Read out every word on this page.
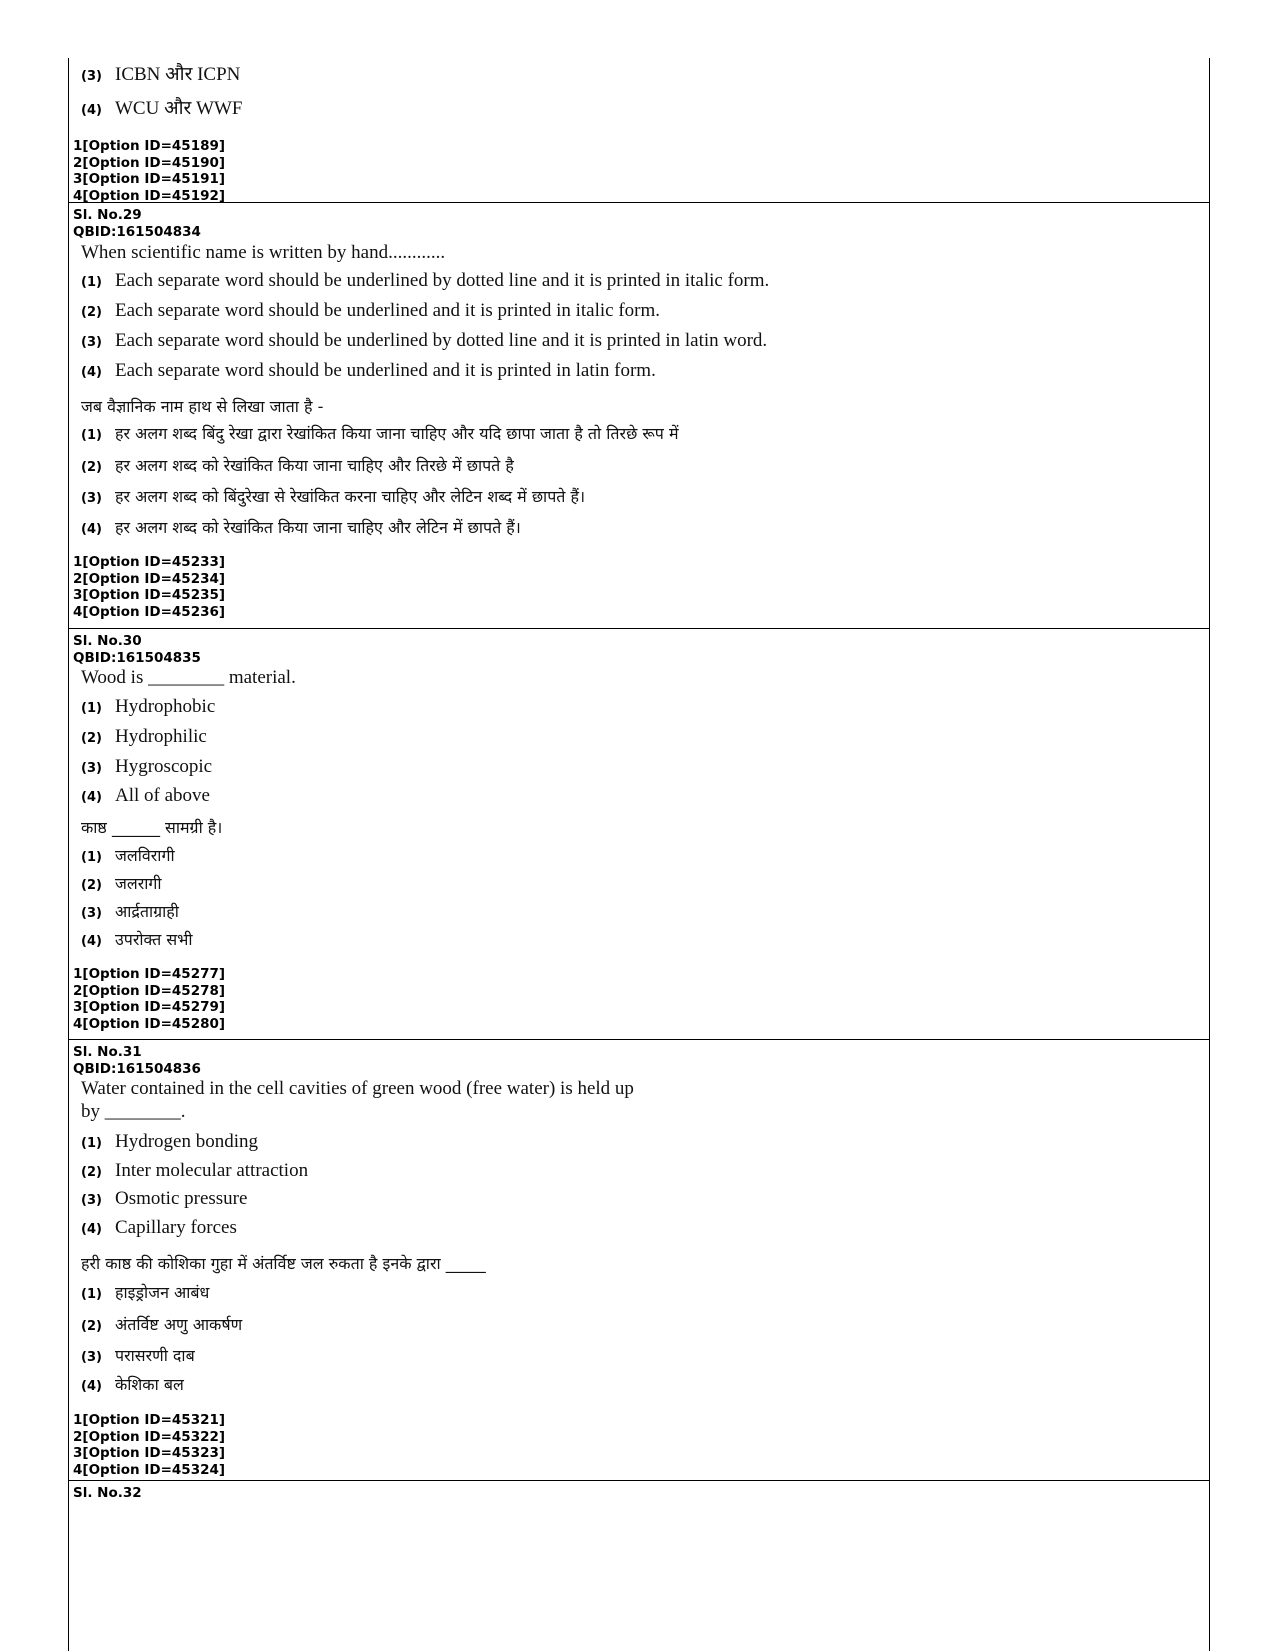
(3) ICBN और ICPN
(4) WCU और WWF
1[Option ID=45189]
2[Option ID=45190]
3[Option ID=45191]
4[Option ID=45192]
Sl. No.29
QBID:161504834
When scientific name is written by hand............
(1) Each separate word should be underlined by dotted line and it is printed in italic form.
(2) Each separate word should be underlined and it is printed in italic form.
(3) Each separate word should be underlined by dotted line and it is printed in latin word.
(4) Each separate word should be underlined and it is printed in latin form.
जब वैज्ञानिक नाम हाथ से लिखा जाता है -
(1) हर अलग शब्द बिंदु रेखा द्वारा रेखांकित किया जाना चाहिए और यदि छापा जाता है तो तिरछे रूप में
(2) हर अलग शब्द को रेखांकित किया जाना चाहिए और तिरछे में छापते है
(3) हर अलग शब्द को बिंदुरेखा से रेखांकित करना चाहिए और लेटिन शब्द में छापते हैं।
(4) हर अलग शब्द को रेखांकित किया जाना चाहिए और लेटिन में छापते हैं।
1[Option ID=45233]
2[Option ID=45234]
3[Option ID=45235]
4[Option ID=45236]
Sl. No.30
QBID:161504835
Wood is ________ material.
(1) Hydrophobic
(2) Hydrophilic
(3) Hygroscopic
(4) All of above
काष्ठ ______ सामग्री है।
(1) जलविरागी
(2) जलरागी
(3) आर्द्रताग्राही
(4) उपरोक्त सभी
1[Option ID=45277]
2[Option ID=45278]
3[Option ID=45279]
4[Option ID=45280]
Sl. No.31
QBID:161504836
Water contained in the cell cavities of green wood (free water) is held up
by ________.
(1) Hydrogen bonding
(2) Inter molecular attraction
(3) Osmotic pressure
(4) Capillary forces
हरी काष्ठ की कोशिका गुहा में अंतर्विष्ट जल रुकता है इनके द्वारा _____
(1) हाइड्रोजन आबंध
(2) अंतर्विष्ट अणु आकर्षण
(3) परासरणी दाब
(4) केशिका बल
1[Option ID=45321]
2[Option ID=45322]
3[Option ID=45323]
4[Option ID=45324]
Sl. No.32
